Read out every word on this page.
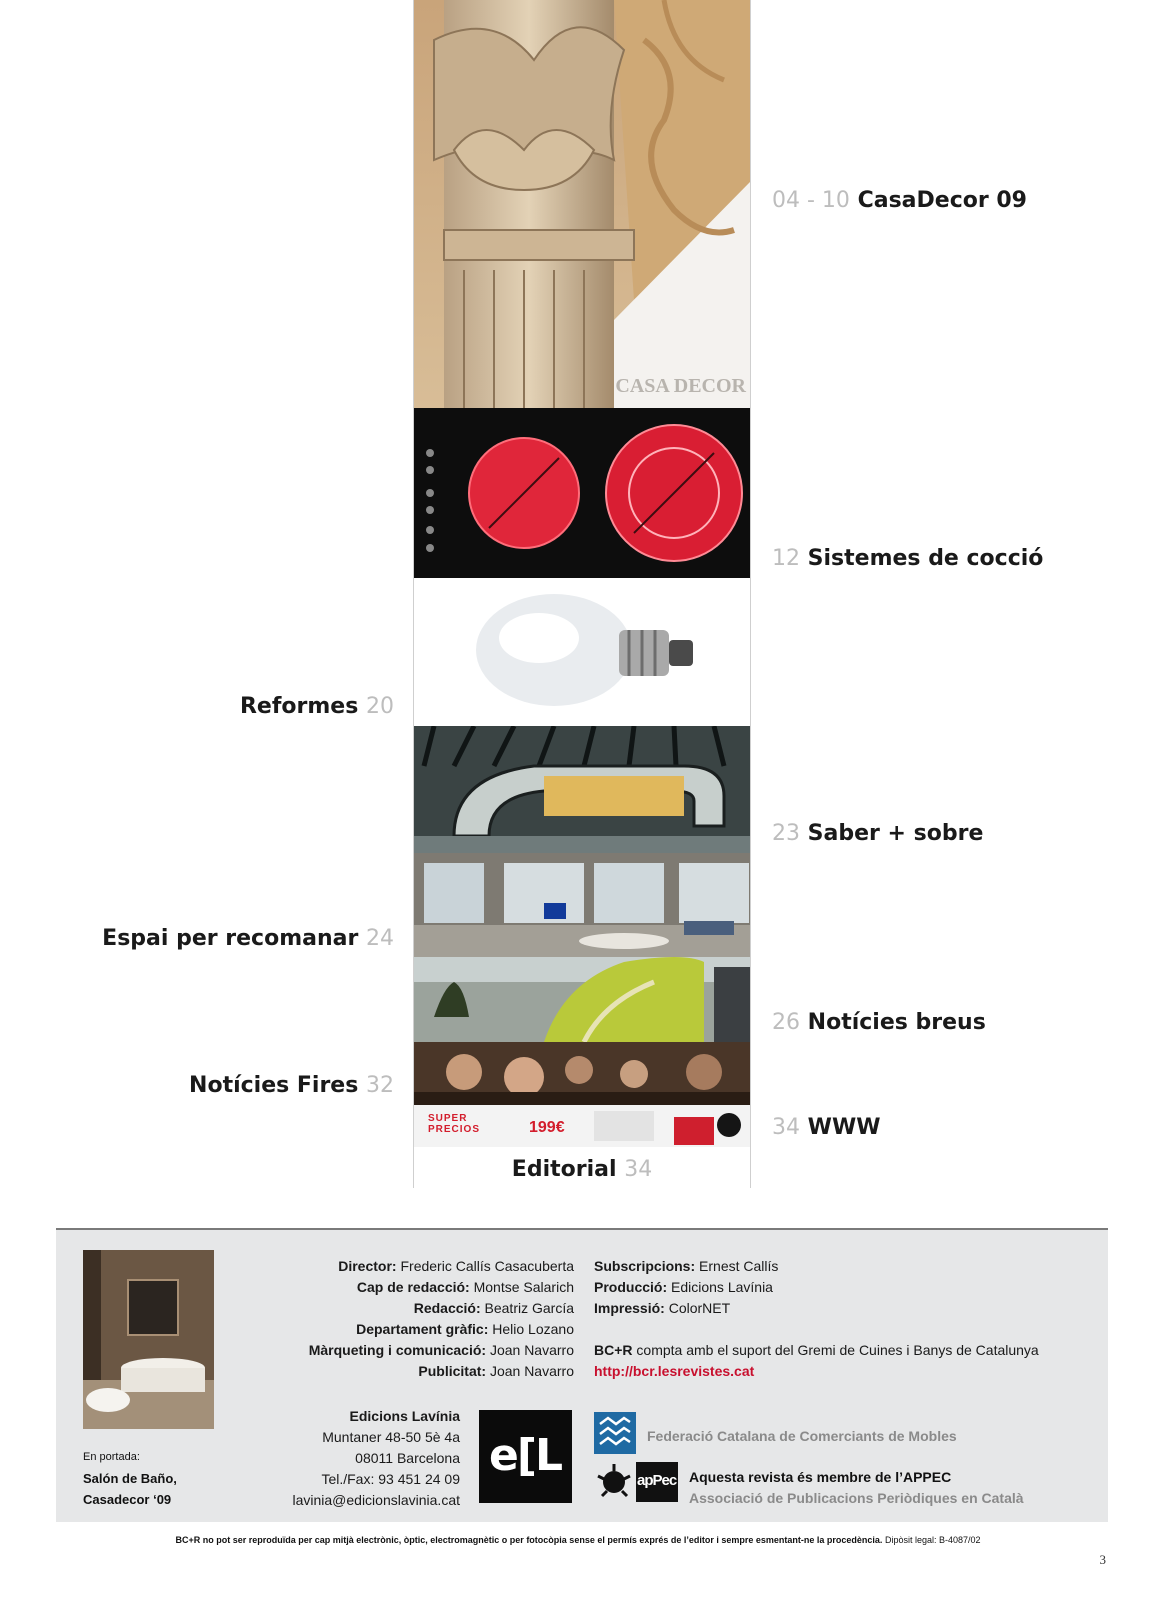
CASA DECOR
SUPER
PRECIOS	199€
Editorial 34
04 - 10 CasaDecor 09
12 Sistemes de cocció
23 Saber + sobre
26 Notícies breus
34 WWW
Reformes 20
Espai per recomanar 24
Notícies Fires 32
En portada:
Salón de Baño,
Casadecor ‘09
Director: Frederic Callís Casacuberta
Cap de redacció: Montse Salarich
Redacció: Beatriz García
Departament gràfic: Helio Lozano
Màrqueting i comunicació: Joan Navarro
Publicitat: Joan Navarro
Subscripcions: Ernest Callís
Producció: Edicions Lavínia
Impressió: ColorNET
BC+R compta amb el suport del Gremi de Cuines i Banys de Catalunya
http://bcr.lesrevistes.cat
Edicions Lavínia
Muntaner 48-50 5è 4a
08011 Barcelona
Tel./Fax: 93 451 24 09
lavinia@edicionslavinia.cat
e[L	Federació Catalana de Comerciants de Mobles
apPec Aquesta revista és membre de l’APPEC
Associació de Publicacions Periòdiques en Català
BC+R no pot ser reproduïda per cap mitjà electrònic, òptic, electromagnètic o per fotocòpia sense el permís exprés de l’editor i sempre esmentant-ne la procedència. Dipòsit legal: B-4087/02
3
